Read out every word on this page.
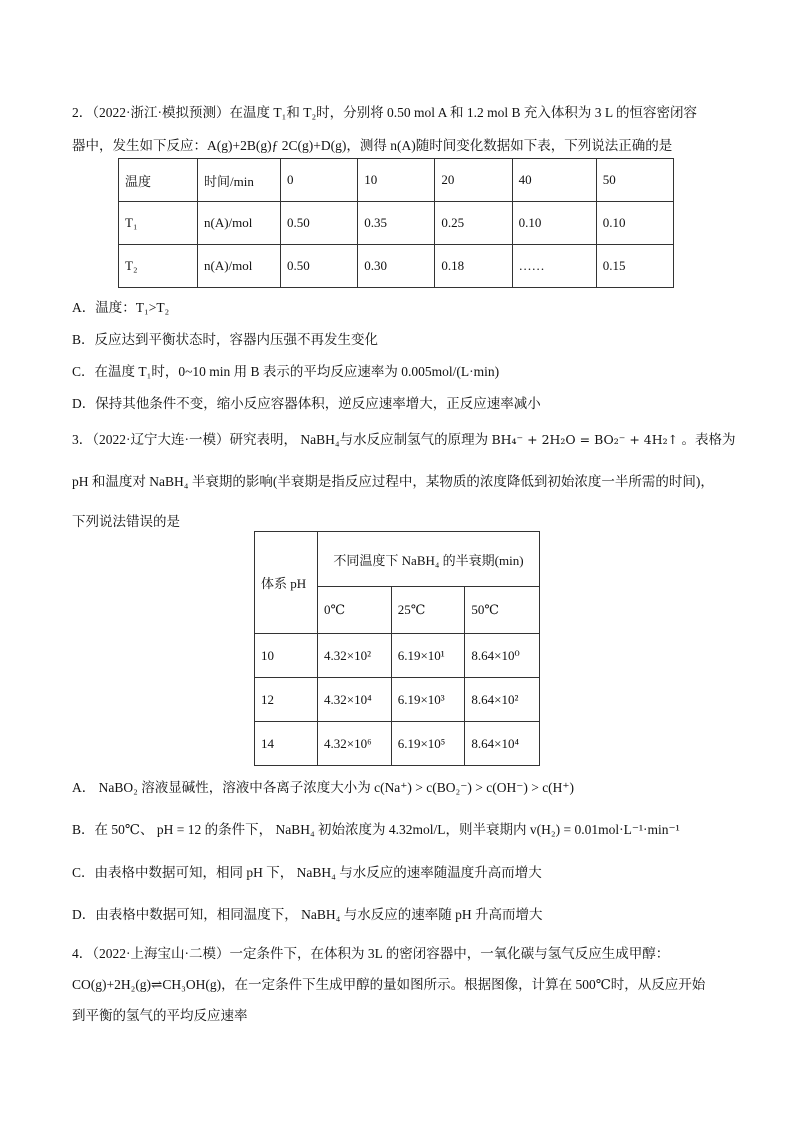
2．（2022·浙江·模拟预测）在温度 T₁和 T₂时，分别将 0.50 mol A 和 1.2 mol B 充入体积为 3 L 的恒容密闭容
器中，发生如下反应：A(g)+2B(g)ƒ 2C(g)+D(g)，测得 n(A)随时间变化数据如下表，下列说法正确的是
温度	时间/min	0	10	20	40	50
T₁	n(A)/mol	0.50	0.35	0.25	0.10	0.10
T₂	n(A)/mol	0.50	0.30	0.18	……	0.15
A．温度：T₁>T₂
B．反应达到平衡状态时，容器内压强不再发生变化
C．在温度 T₁时，0~10 min 用 B 表示的平均反应速率为 0.005mol/(L·min)
D．保持其他条件不变，缩小反应容器体积，逆反应速率增大，正反应速率减小
3．（2022·辽宁大连·一模）研究表明， NaBH₄与水反应制氢气的原理为 BH₄⁻ + 2H₂O = BO₂⁻ + 4H₂↑ 。表格为
pH 和温度对 NaBH₄ 半衰期的影响(半衰期是指反应过程中，某物质的浓度降低到初始浓度一半所需的时间)，
下列说法错误的是
体系 pH	不同温度下 NaBH₄ 的半衰期(min)		
	0℃	25℃	50℃
10	4.32×10²	6.19×10¹	8.64×10⁰
12	4.32×10⁴	6.19×10³	8.64×10²
14	4.32×10⁶	6.19×10⁵	8.64×10⁴
A． NaBO₂ 溶液显碱性，溶液中各离子浓度大小为 c(Na⁺) > c(BO₂⁻) > c(OH⁻) > c(H⁺)
B．在 50℃、 pH = 12 的条件下， NaBH₄ 初始浓度为 4.32mol/L，则半衰期内 v(H₂) = 0.01mol·L⁻¹·min⁻¹
C．由表格中数据可知，相同 pH 下， NaBH₄ 与水反应的速率随温度升高而增大
D．由表格中数据可知，相同温度下， NaBH₄ 与水反应的速率随 pH 升高而增大
4．（2022·上海宝山·二模）一定条件下，在体积为 3L 的密闭容器中，一氧化碳与氢气反应生成甲醇：
CO(g)+2H₂(g)⇌CH₃OH(g)，在一定条件下生成甲醇的量如图所示。根据图像，计算在 500℃时，从反应开始
到平衡的氢气的平均反应速率
